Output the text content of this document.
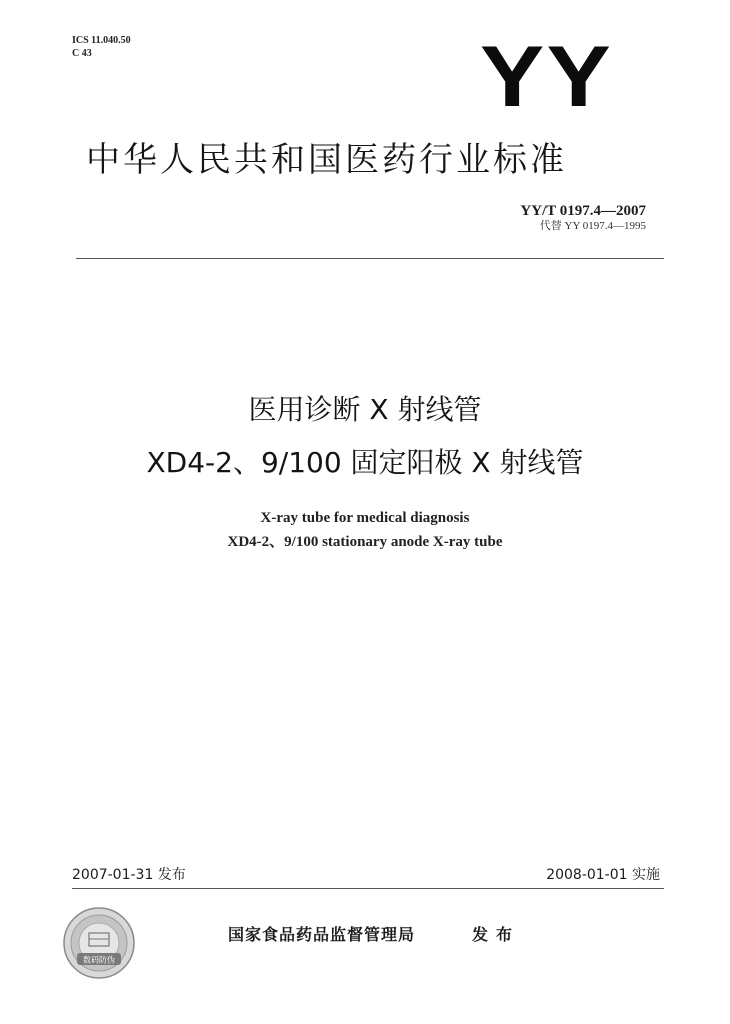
ICS 11.040.50
C 43	YY
中华人民共和国医药行业标准
YY/T 0197.4—2007
代替 YY 0197.4—1995
医用诊断 X 射线管
XD4-2、9/100 固定阳极 X 射线管
X-ray tube for medical diagnosis
XD4-2、9/100 stationary anode X-ray tube
2007-01-31 发布	2008-01-01 实施
数码防伪
国家食品药品监督管理局	发布
